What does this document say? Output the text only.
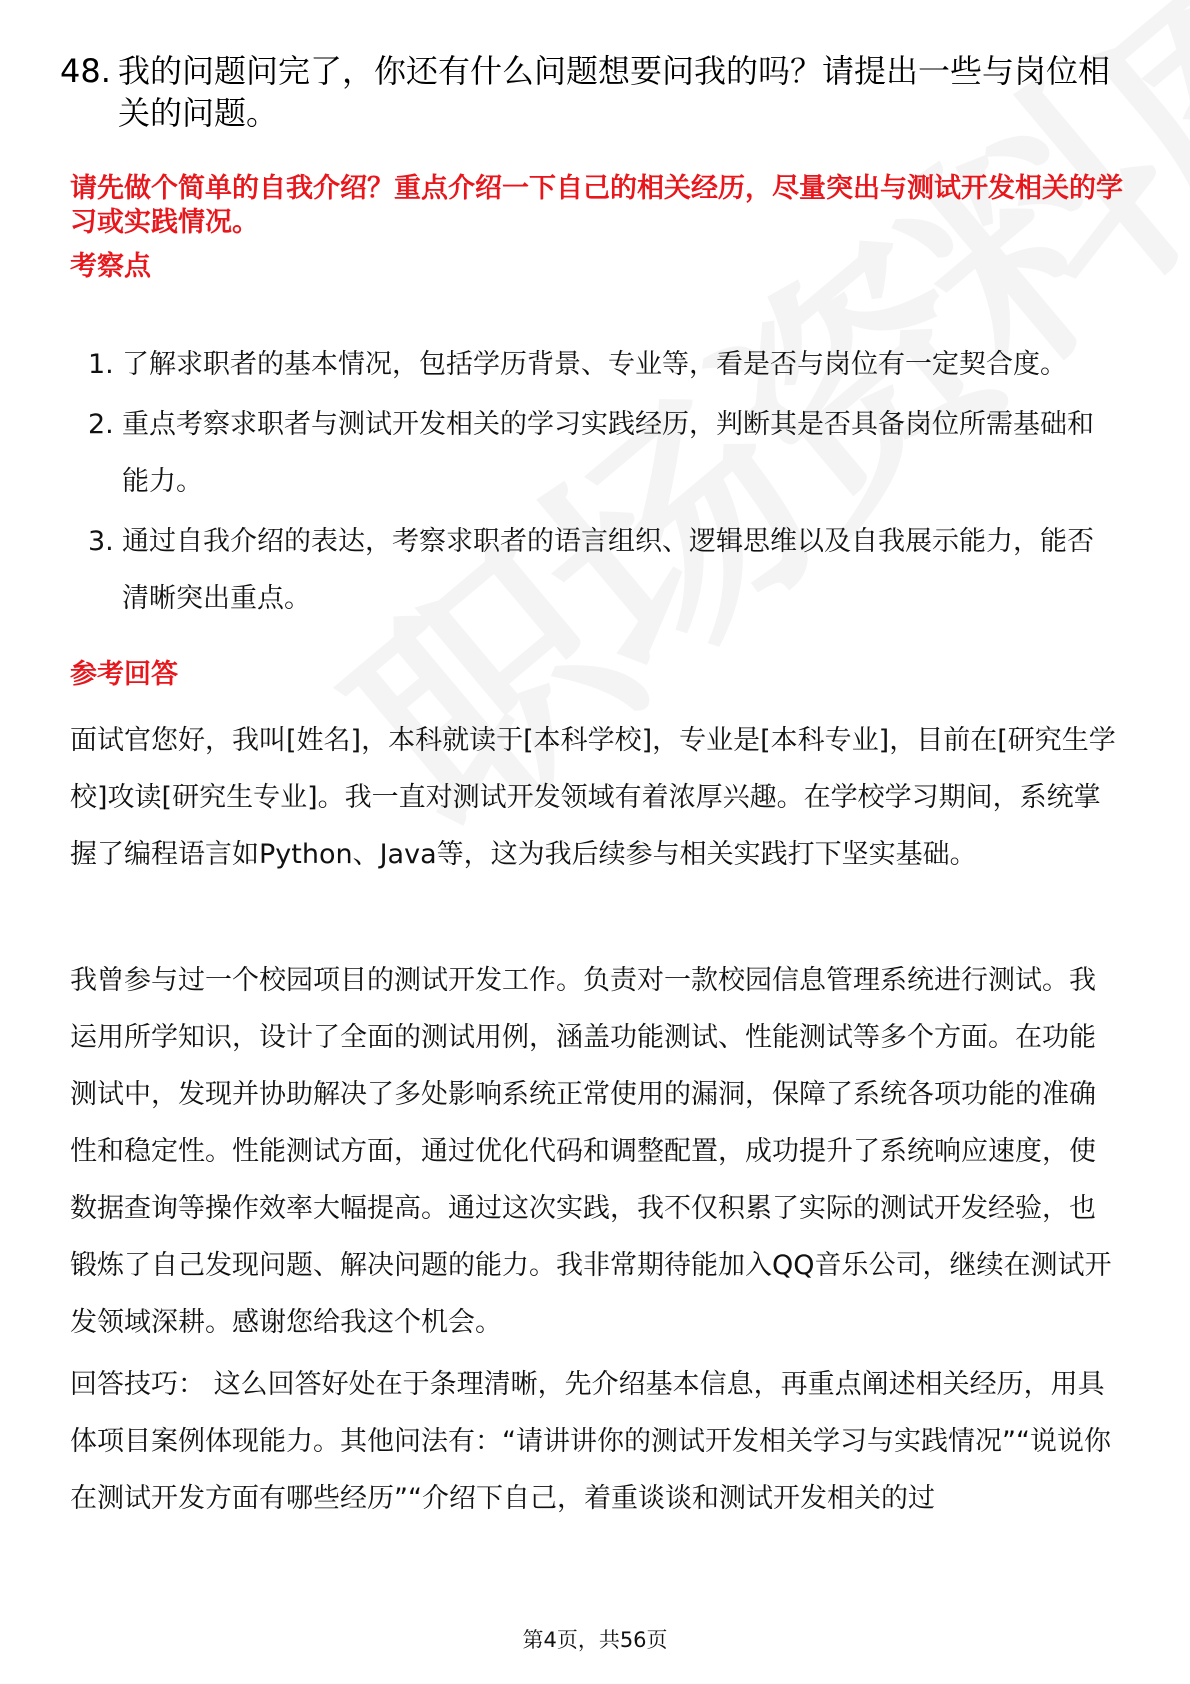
48. 我的问题问完了，你还有什么问题想要问我的吗？请提出一些与岗位相关的问题。
请先做个简单的自我介绍？重点介绍一下自己的相关经历，尽量突出与测试开发相关的学习或实践情况。
考察点
1. 了解求职者的基本情况，包括学历背景、专业等，看是否与岗位有一定契合度。
2. 重点考察求职者与测试开发相关的学习实践经历，判断其是否具备岗位所需基础和能力。
3. 通过自我介绍的表达，考察求职者的语言组织、逻辑思维以及自我展示能力，能否清晰突出重点。
参考回答

面试官您好，我叫[姓名]，本科就读于[本科学校]，专业是[本科专业]，目前在[研究生学校]攻读[研究生专业]。我一直对测试开发领域有着浓厚兴趣。在学校学习期间，系统掌握了编程语言如Python、Java等，这为我后续参与相关实践打下坚实基础。

我曾参与过一个校园项目的测试开发工作。负责对一款校园信息管理系统进行测试。我运用所学知识，设计了全面的测试用例，涵盖功能测试、性能测试等多个方面。在功能测试中，发现并协助解决了多处影响系统正常使用的漏洞，保障了系统各项功能的准确性和稳定性。性能测试方面，通过优化代码和调整配置，成功提升了系统响应速度，使数据查询等操作效率大幅提高。通过这次实践，我不仅积累了实际的测试开发经验，也锻炼了自己发现问题、解决问题的能力。我非常期待能加入QQ音乐公司，继续在测试开发领域深耕。感谢您给我这个机会。

回答技巧： 这么回答好处在于条理清晰，先介绍基本信息，再重点阐述相关经历，用具体项目案例体现能力。其他问法有：“请讲讲你的测试开发相关学习与实践情况”“说说你在测试开发方面有哪些经历”“介绍下自己，着重谈谈和测试开发相关的过

第4页，共56页
